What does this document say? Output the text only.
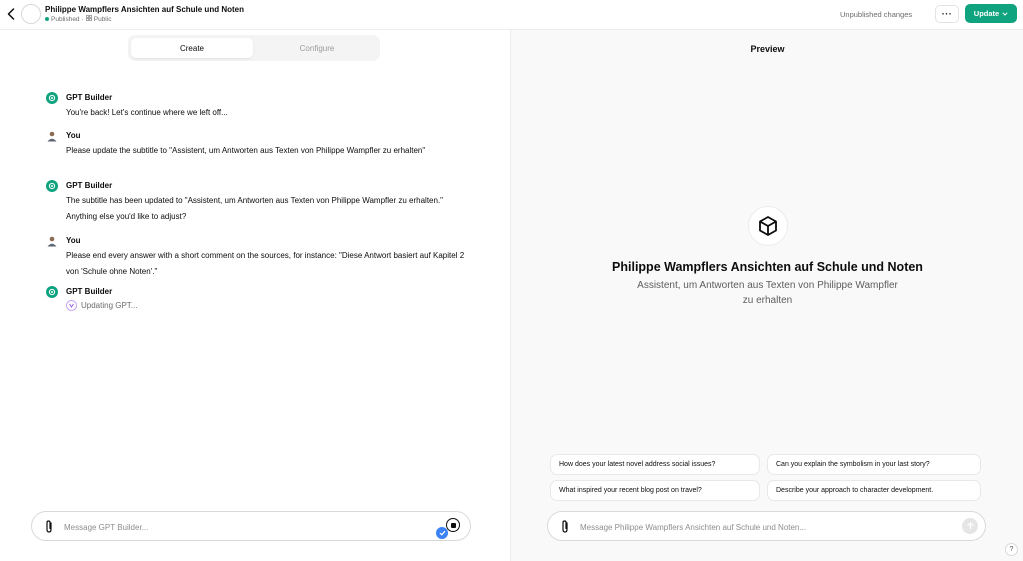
Philippe Wampflers Ansichten auf Schule und Noten
Published · Public	Unpublished changes	···	Update
Create	Configure
GPT Builder
You're back! Let's continue where we left off...
You
Please update the subtitle to "Assistent, um Antworten aus Texten von Philippe Wampfler zu erhalten"
GPT Builder
The subtitle has been updated to "Assistent, um Antworten aus Texten von Philippe Wampfler zu erhalten." Anything else you'd like to adjust?
You
Please end every answer with a short comment on the sources, for instance: "Diese Antwort basiert auf Kapitel 2 von 'Schule ohne Noten'."
GPT Builder
Updating GPT...
Message GPT Builder...
Preview
Philippe Wampflers Ansichten auf Schule und Noten
Assistent, um Antworten aus Texten von Philippe Wampfler zu erhalten
How does your latest novel address social issues?	Can you explain the symbolism in your last story?
What inspired your recent blog post on travel?	Describe your approach to character development.
Message Philippe Wampflers Ansichten auf Schule und Noten...
?
